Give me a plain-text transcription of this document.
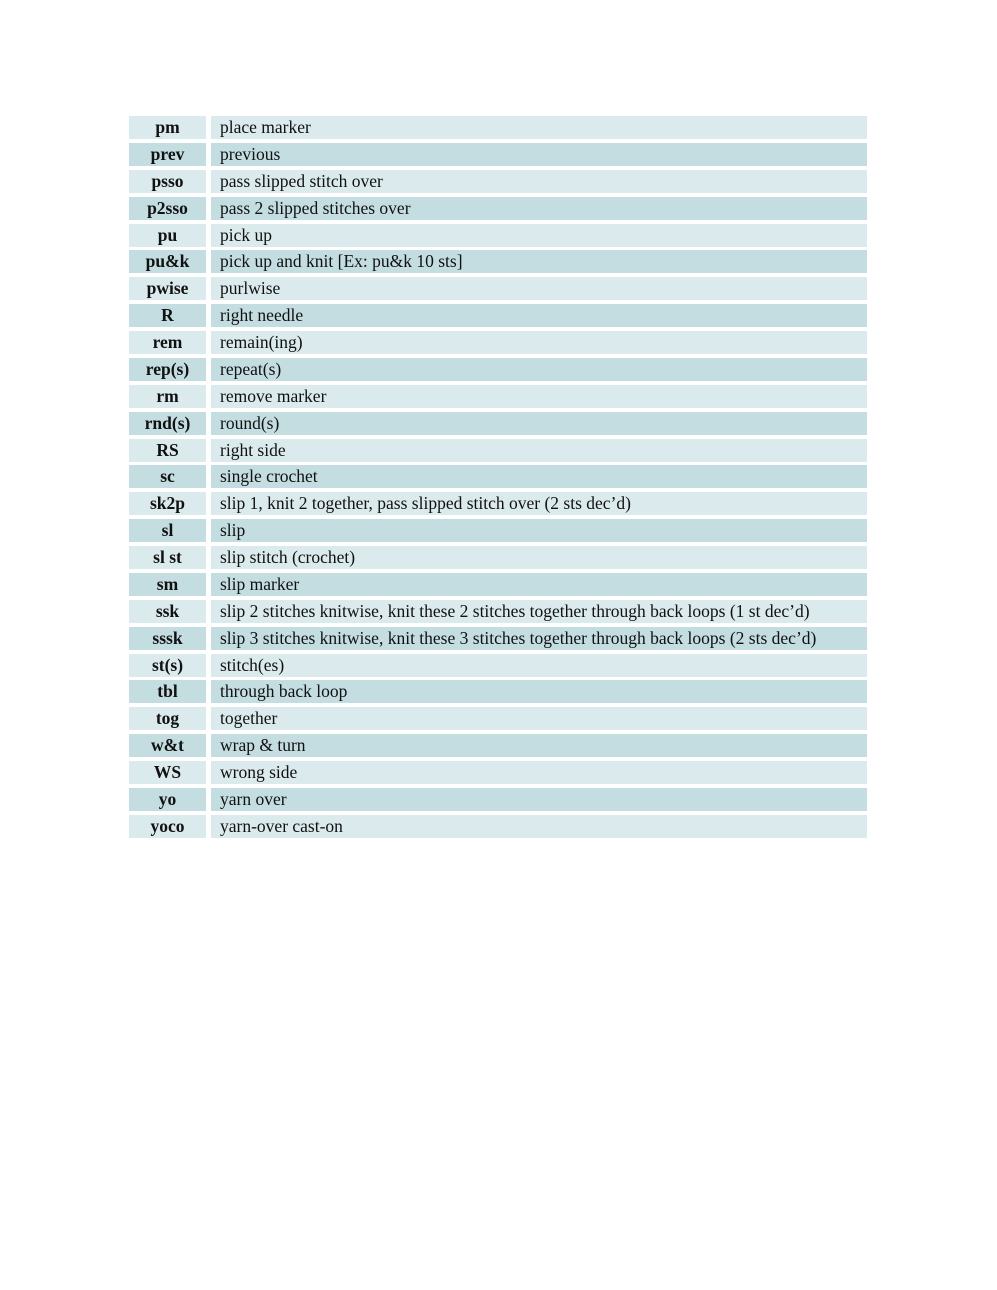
pm	place marker
prev	previous
psso	pass slipped stitch over
p2sso	pass 2 slipped stitches over
pu	pick up
pu&k	pick up and knit [Ex: pu&k 10 sts]
pwise	purlwise
R	right needle
rem	remain(ing)
rep(s)	repeat(s)
rm	remove marker
rnd(s)	round(s)
RS	right side
sc	single crochet
sk2p	slip 1, knit 2 together, pass slipped stitch over (2 sts dec’d)
sl	slip
sl st	slip stitch (crochet)
sm	slip marker
ssk	slip 2 stitches knitwise, knit these 2 stitches together through back loops (1 st dec’d)
sssk	slip 3 stitches knitwise, knit these 3 stitches together through back loops (2 sts dec’d)
st(s)	stitch(es)
tbl	through back loop
tog	together
w&t	wrap & turn
WS	wrong side
yo	yarn over
yoco	yarn-over cast-on
